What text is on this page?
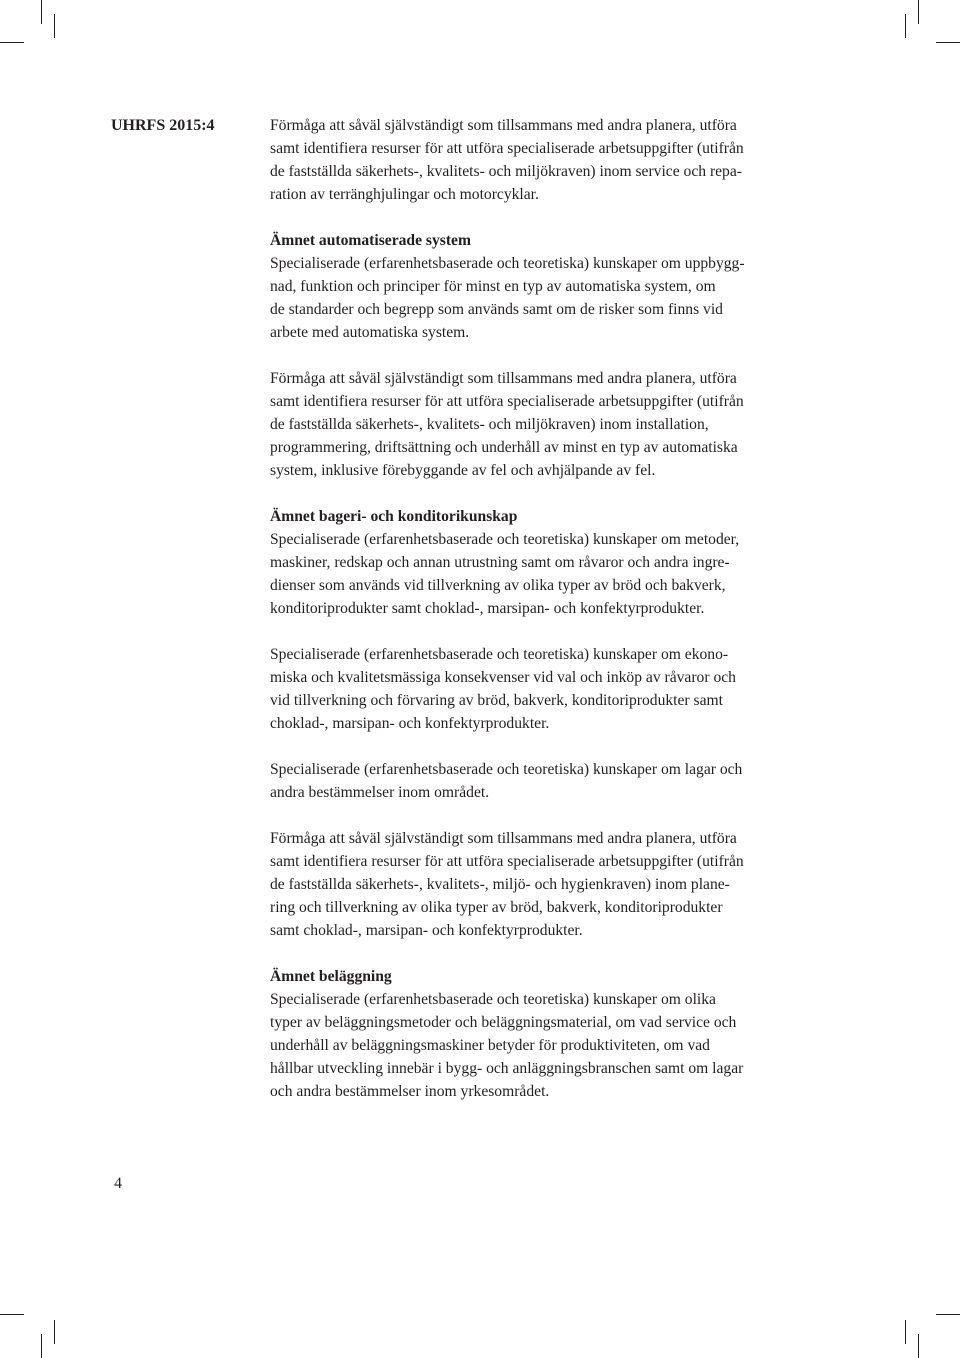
UHRFS 2015:4	Förmåga att såväl självständigt som tillsammans med andra planera, utföra
samt identifiera resurser för att utföra specialiserade arbetsuppgifter (utifrån
de fastställda säkerhets-, kvalitets- och miljökraven) inom service och repa-
ration av terränghjulingar och motorcyklar.

Ämnet automatiserade system

Specialiserade (erfarenhetsbaserade och teoretiska) kunskaper om uppbygg-
nad, funktion och principer för minst en typ av automatiska system, om
de standarder och begrepp som används samt om de risker som finns vid
arbete med automatiska system.

Förmåga att såväl självständigt som tillsammans med andra planera, utföra
samt identifiera resurser för att utföra specialiserade arbetsuppgifter (utifrån
de fastställda säkerhets-, kvalitets- och miljökraven) inom installation,
programmering, driftsättning och underhåll av minst en typ av automatiska
system, inklusive förebyggande av fel och avhjälpande av fel.

Ämnet bageri- och konditorikunskap

Specialiserade (erfarenhetsbaserade och teoretiska) kunskaper om metoder,
maskiner, redskap och annan utrustning samt om råvaror och andra ingre-
dienser som används vid tillverkning av olika typer av bröd och bakverk,
konditoriprodukter samt choklad-, marsipan- och konfektyrprodukter.

Specialiserade (erfarenhetsbaserade och teoretiska) kunskaper om ekono-
miska och kvalitetsmässiga konsekvenser vid val och inköp av råvaror och
vid tillverkning och förvaring av bröd, bakverk, konditoriprodukter samt
choklad-, marsipan- och konfektyrprodukter.

Specialiserade (erfarenhetsbaserade och teoretiska) kunskaper om lagar och
andra bestämmelser inom området.

Förmåga att såväl självständigt som tillsammans med andra planera, utföra
samt identifiera resurser för att utföra specialiserade arbetsuppgifter (utifrån
de fastställda säkerhets-, kvalitets-, miljö- och hygienkraven) inom plane-
ring och tillverkning av olika typer av bröd, bakverk, konditoriprodukter
samt choklad-, marsipan- och konfektyrprodukter.

Ämnet beläggning

Specialiserade (erfarenhetsbaserade och teoretiska) kunskaper om olika
typer av beläggningsmetoder och beläggningsmaterial, om vad service och
underhåll av beläggningsmaskiner betyder för produktiviteten, om vad
hållbar utveckling innebär i bygg- och anläggningsbranschen samt om lagar
och andra bestämmelser inom yrkesområdet.

4
